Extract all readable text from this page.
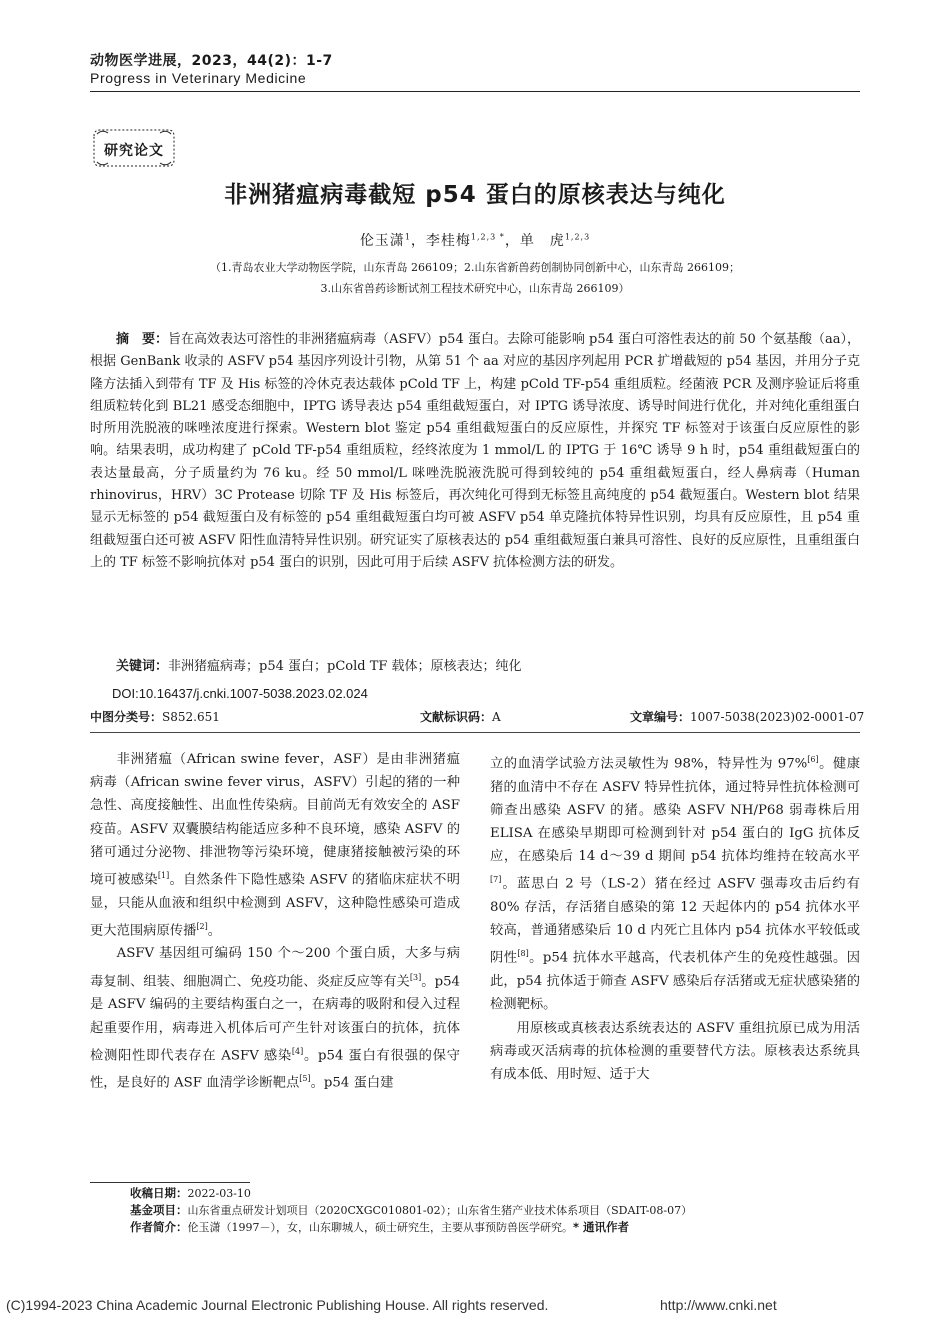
动物医学进展，2023，44(2)：1-7
Progress in Veterinary Medicine
研究论文
非洲猪瘟病毒截短 p54 蛋白的原核表达与纯化
伦玉潇$^1$，李桂梅$^{1,2,3 *}$，单　虎$^{1,2,3}$
（1.青岛农业大学动物医学院，山东青岛 266109；2.山东省新兽药创制协同创新中心，山东青岛 266109；
3.山东省兽药诊断试剂工程技术研究中心，山东青岛 266109）
摘　要：旨在高效表达可溶性的非洲猪瘟病毒（ASFV）p54 蛋白。去除可能影响 p54 蛋白可溶性表达的前 50 个氨基酸（aa），根据 GenBank 收录的 ASFV p54 基因序列设计引物，从第 51 个 aa 对应的基因序列起用 PCR 扩增截短的 p54 基因，并用分子克隆方法插入到带有 TF 及 His 标签的冷休克表达载体 pCold TF 上，构建 pCold TF-p54 重组质粒。经菌液 PCR 及测序验证后将重组质粒转化到 BL21 感受态细胞中，IPTG 诱导表达 p54 重组截短蛋白，对 IPTG 诱导浓度、诱导时间进行优化，并对纯化重组蛋白时所用洗脱液的咪唑浓度进行探索。Western blot 鉴定 p54 重组截短蛋白的反应原性，并探究 TF 标签对于该蛋白反应原性的影响。结果表明，成功构建了 pCold TF-p54 重组质粒，经终浓度为 1 mmol/L 的 IPTG 于 16℃ 诱导 9 h 时，p54 重组截短蛋白的表达量最高，分子质量约为 76 ku。经 50 mmol/L 咪唑洗脱液洗脱可得到较纯的 p54 重组截短蛋白，经人鼻病毒（Human rhinovirus，HRV）3C Protease 切除 TF 及 His 标签后，再次纯化可得到无标签且高纯度的 p54 截短蛋白。Western blot 结果显示无标签的 p54 截短蛋白及有标签的 p54 重组截短蛋白均可被 ASFV p54 单克隆抗体特异性识别，均具有反应原性，且 p54 重组截短蛋白还可被 ASFV 阳性血清特异性识别。研究证实了原核表达的 p54 重组截短蛋白兼具可溶性、良好的反应原性，且重组蛋白上的 TF 标签不影响抗体对 p54 蛋白的识别，因此可用于后续 ASFV 抗体检测方法的研发。
关键词：非洲猪瘟病毒；p54 蛋白；pCold TF 载体；原核表达；纯化
DOI:10.16437/j.cnki.1007-5038.2023.02.024
中图分类号：S852.651	文献标识码：A	文章编号：1007-5038(2023)02-0001-07

非洲猪瘟（African swine fever，ASF）是由非洲猪瘟病毒（African swine fever virus，ASFV）引起的猪的一种急性、高度接触性、出血性传染病。目前尚无有效安全的 ASF 疫苗。ASFV 双囊膜结构能适应多种不良环境，感染 ASFV 的猪可通过分泌物、排泄物等污染环境，健康猪接触被污染的环境可被感染[1]。自然条件下隐性感染 ASFV 的猪临床症状不明显，只能从血液和组织中检测到 ASFV，这种隐性感染可造成更大范围病原传播[2]。

ASFV 基因组可编码 150 个～200 个蛋白质，大多与病毒复制、组装、细胞凋亡、免疫功能、炎症反应等有关[3]。p54 是 ASFV 编码的主要结构蛋白之一，在病毒的吸附和侵入过程起重要作用，病毒进入机体后可产生针对该蛋白的抗体，抗体检测阳性即代表存在 ASFV 感染[4]。p54 蛋白有很强的保守性，是良好的 ASF 血清学诊断靶点[5]。p54 蛋白建

立的血清学试验方法灵敏性为 98%，特异性为 97%[6]。健康猪的血清中不存在 ASFV 特异性抗体，通过特异性抗体检测可筛查出感染 ASFV 的猪。感染 ASFV NH/P68 弱毒株后用 ELISA 在感染早期即可检测到针对 p54 蛋白的 IgG 抗体反应，在感染后 14 d～39 d 期间 p54 抗体均维持在较高水平[7]。蓝思白 2 号（LS-2）猪在经过 ASFV 强毒攻击后约有 80% 存活，存活猪自感染的第 12 天起体内的 p54 抗体水平较高，普通猪感染后 10 d 内死亡且体内 p54 抗体水平较低或阴性[8]。p54 抗体水平越高，代表机体产生的免疫性越强。因此，p54 抗体适于筛查 ASFV 感染后存活猪或无症状感染猪的检测靶标。

用原核或真核表达系统表达的 ASFV 重组抗原已成为用活病毒或灭活病毒的抗体检测的重要替代方法。原核表达系统具有成本低、用时短、适于大

收稿日期：2022-03-10
基金项目：山东省重点研发计划项目（2020CXGC010801-02）；山东省生猪产业技术体系项目（SDAIT-08-07）
作者简介：伦玉潇（1997－），女，山东聊城人，硕士研究生，主要从事预防兽医学研究。* 通讯作者
(C)1994-2023 China Academic Journal Electronic Publishing House. All rights reserved.	http://www.cnki.net
